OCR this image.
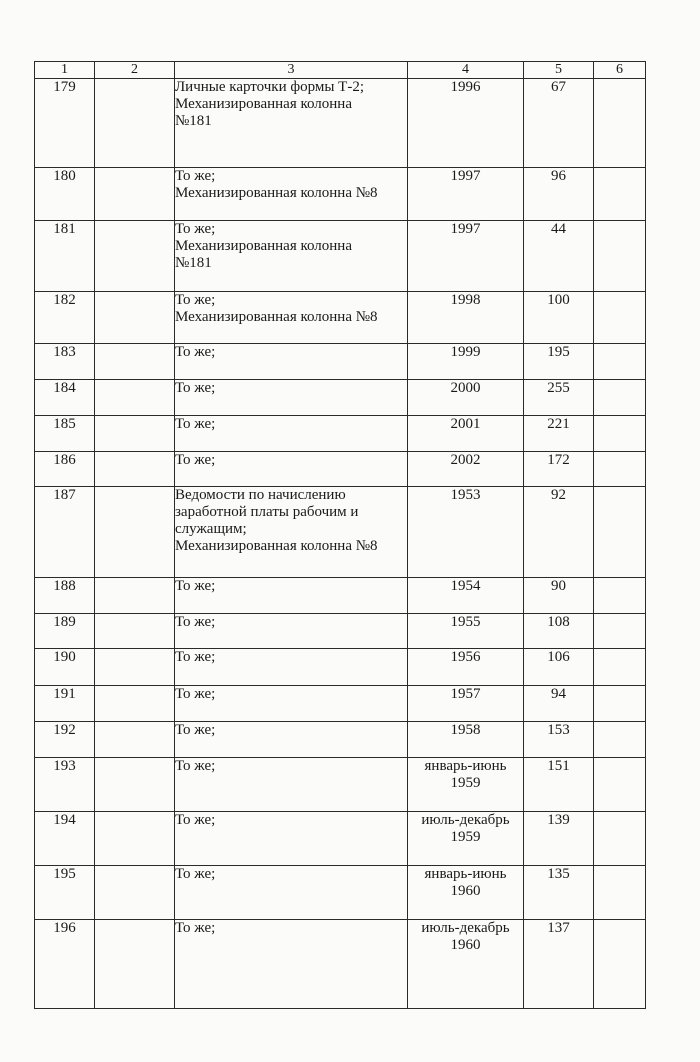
1	2	3	4	5	6
179		Личные карточки формы Т-2;
Механизированная колонна
№181	1996	67	
180		То же;
Механизированная колонна №8	1997	96	
181		То же;
Механизированная колонна
№181	1997	44	
182		То же;
Механизированная колонна №8	1998	100	
183		То же;	1999	195	
184		То же;	2000	255	
185		То же;	2001	221	
186		То же;	2002	172	
187		Ведомости по начислению
заработной платы рабочим и
служащим;
Механизированная колонна №8	1953	92	
188		То же;	1954	90	
189		То же;	1955	108	
190		То же;	1956	106	
191		То же;	1957	94	
192		То же;	1958	153	
193		То же;	январь-июнь
1959	151	
194		То же;	июль-декабрь
1959	139	
195		То же;	январь-июнь
1960	135	
196		То же;	июль-декабрь
1960	137	
